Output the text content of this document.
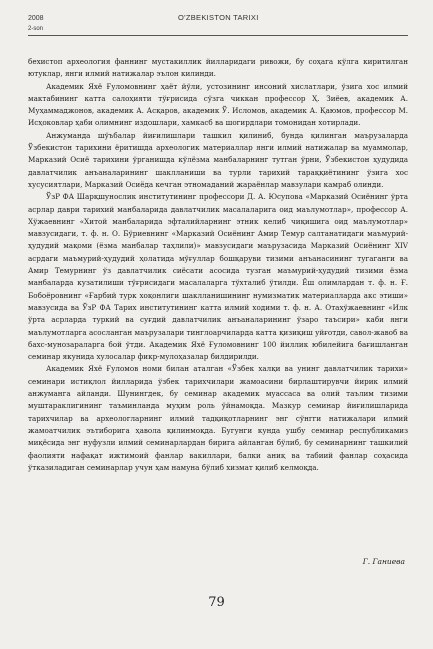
2008
2-son
O'ZBEKISTON TARIXI

бехистоп археология фаннинг мустакиллик йилларидаги ривожи, бу соҳага кўлга киритилган ютуклар, янги илмий натижалар эълон килинди.

Академик Яхё Ғуломовнинг ҳаёт йўли, устозининг инсоний хислатлари, ўзига хос илмий мактабининг катта салоҳияти тўғрисида сўзга чиккан профессор Ҳ. Зиёев, академик А. Муҳаммаджонов, академик А. Асқаров, академик Ў. Исломов, академик А. Қаюмов, профессор М. Исҳоковлар ҳаби олимнинг издошлари, хамкасб ва шогирдлари томонидан хотирлади.

Анжуманда шўъбалар йиғилишлари ташкил қилиниб, бунда қилинган маърузаларда Ўзбекистон тарихини ёритишда археологик материаллар янги илмий натижалар ва муаммолар, Марказий Осиё тарихини ўрганишда кўлёзма манбаларнинг тутган ўрни, Ўзбекистон ҳудудида давлатчилик анъаналарининг шаклланиши ва турли тарихий тараққиётининг ўзига хос хусусиятлари, Марказий Осиёда кечган этномаданий жараёнлар мавзулари камраб олинди.

ЎзР ФА Шарқшунослик институтининг профессори Д. А. Юсупова «Марказий Осиёнинг ўрта асрлар даври тарихий манбаларида давлатчилик масалаларига оид маълумотлар», профессор А. Хўжаевнинг «Хитой манбаларида эфталийларнинг этник келиб чиқишига оид маълумотлар» мавзусидаги, т. ф. н. О. Бўриевнинг «Марказий Осиёнинг Амир Темур салтанатидаги маъмурий-ҳудудий мақоми (ёзма манбалар таҳлили)» мавзусидаги маърузасида Марказий Осиёнинг XIV асрдаги маъмурий-ҳудудий ҳолатида мўғуллар бошқаруви тизими анъанасининг тугаганги ва Амир Темурнинг ўз давлатчилик сиёсати асосида тузган маъмурий-ҳудудий тизими ёзма манбаларда кузатилиши тўғрисидаги масалаларга тўхталиб ўтилди. Ёш олимлардан т. ф. н. Ғ. Бобоёровнинг «Ғарбий турк хоқонлиги шаклланишининг нумизматик материалларда акс этиши» мавзусида ва ЎзР ФА Тарих институтининг катта илмий ходими т. ф. н. А. Отахўжаевнинг «Илк ўрта асрларда туркий ва суғдий давлатчилик анъаналарининг ўзаро таъсири» каби янги маълумотларга асосланган маърузалари тинглоарчиларда катта қизиқиш уйғотди, савол-жавоб ва бахс-мунозараларга бой ўтди. Академик Яхё Ғуломовнинг 100 йиллик юбилейига бағишланган семинар якунида хулосалар фикр-мулоҳазалар билдирилди.

Академик Яхё Ғуломов номи билан аталган «Ўзбек халқи ва унинг давлатчилик тарихи» семинари истиқлол йилларида ўзбек тарихчилари жамоасини бирлаштирувчи йирик илмий анжуманга айланди. Шунингдек, бу семинар академик муассаса ва олий таълим тизими муштараклигининг таъминланда муҳим роль ўйнамоқда. Мазкур семинар йиғилишларида тарихчилар ва археологларнинг илмий тадқиқотларнинг энг сўнгги натижалари илмий жамоатчилик эътиборига ҳавола қилинмоқда. Бугунги кунда ушбу семинар республикамиз миқёсида энг нуфузли илмий семинарлардан бирига айланган бўлиб, бу семинарнинг ташкилий фаолияти нафақат ижтимоий фанлар вакиллари, балки аниқ ва табиий фанлар соҳасида ўтказиладиган семинарлар учун ҳам намуна бўлиб хизмат қилиб келмоқда.

Г. Ганиева
79
